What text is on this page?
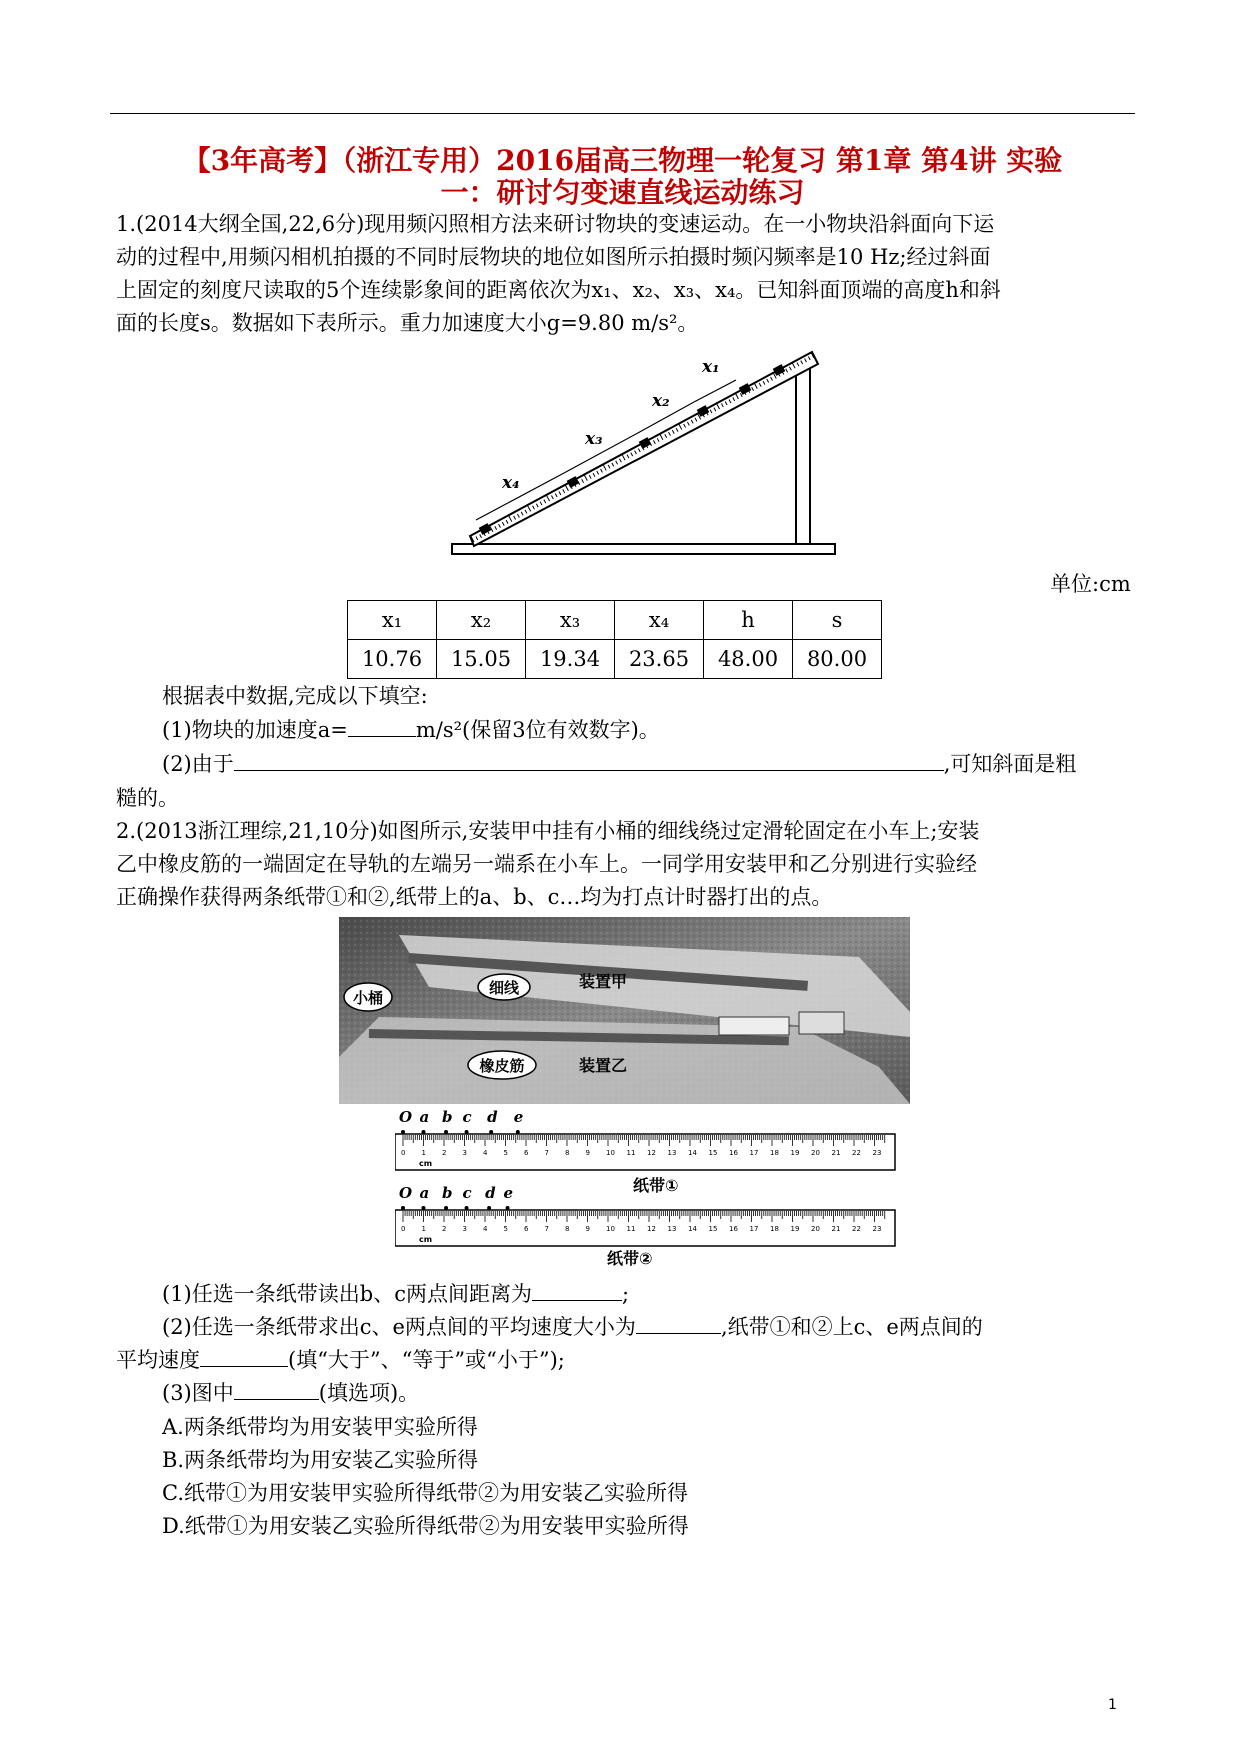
【3年高考】（浙江专用）2016届高三物理一轮复习 第1章 第4讲 实验
一：研讨匀变速直线运动练习
1.(2014大纲全国,22,6分)现用频闪照相方法来研讨物块的变速运动。在一小物块沿斜面向下运
动的过程中,用频闪相机拍摄的不同时辰物块的地位如图所示拍摄时频闪频率是10 Hz;经过斜面
上固定的刻度尺读取的5个连续影象间的距离依次为x₁、x₂、x₃、x₄。已知斜面顶端的高度h和斜
面的长度s。数据如下表所示。重力加速度大小g=9.80 m/s²。
x₄
x₃
x₂
x₁
单位:cm
x₁	x₂	x₃	x₄	h	s
10.76	15.05	19.34	23.65	48.00	80.00
根据表中数据,完成以下填空:
(1)物块的加速度a=	m/s²(保留3位有效数字)。
(2)由于	,可知斜面是粗
糙的。
2.(2013浙江理综,21,10分)如图所示,安装甲中挂有小桶的细线绕过定滑轮固定在小车上;安装
乙中橡皮筋的一端固定在导轨的左端另一端系在小车上。一同学用安装甲和乙分别进行实验经
正确操作获得两条纸带①和②,纸带上的a、b、c…均为打点计时器打出的点。
小桶
细线	装置甲
橡皮筋	装置乙
O a b c d e
0 1 2 3 4 5 6 7 8 9 10 11 12 13 14 15 16 17 18 19 20 21 22 23
cm
O a b c d e
0 1 2 3 4 5 6 7 8 9 10 11 12 13 14 15 16 17 18 19 20 21 22 23
cm
纸带①
纸带②
(1)任选一条纸带读出b、c两点间距离为	;
(2)任选一条纸带求出c、e两点间的平均速度大小为	,纸带①和②上c、e两点间的
平均速度	(填“大于”、“等于”或“小于”);
(3)图中	(填选项)。
A.两条纸带均为用安装甲实验所得
B.两条纸带均为用安装乙实验所得
C.纸带①为用安装甲实验所得纸带②为用安装乙实验所得
D.纸带①为用安装乙实验所得纸带②为用安装甲实验所得
1
